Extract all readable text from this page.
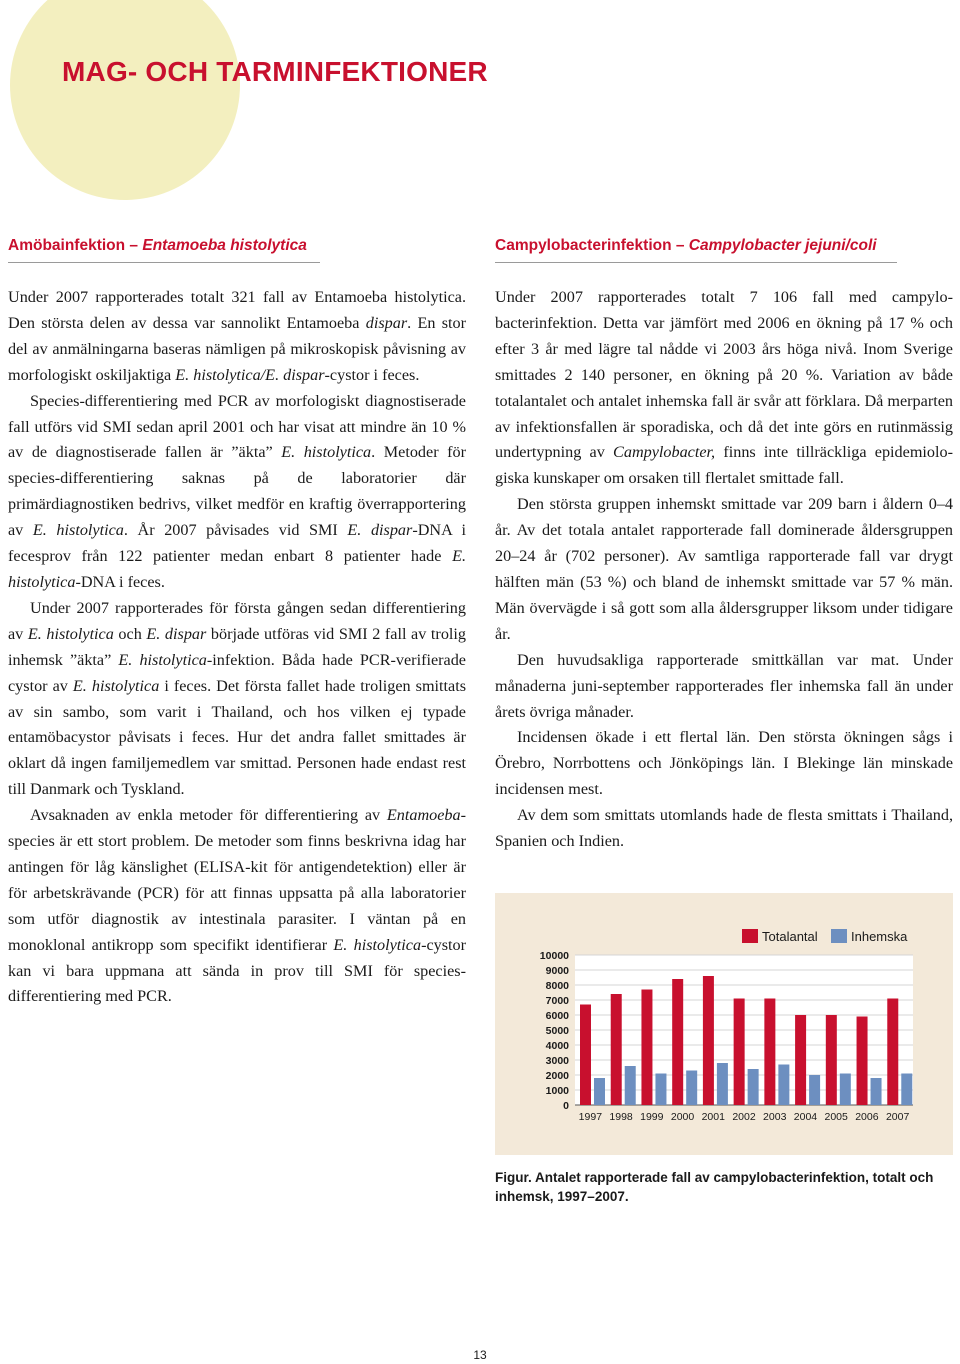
MAG- OCH TARMINFEKTIONER
Amöbainfektion – Entamoeba histolytica

Under 2007 rapporterades totalt 321 fall av Entamoeba histolytica. Den största delen av dessa var sannolikt Entamoeba dispar. En stor del av anmälningarna baseras nämligen på mikroskopisk påvisning av morfologiskt oskiljaktiga E. histolytica/E. dispar-cystor i feces.

Species-differentiering med PCR av morfologiskt diagnostiserade fall utförs vid SMI sedan april 2001 och har visat att mindre än 10 % av de diagnostiserade fallen är ”äkta” E. histolytica. Metoder för species-differentiering saknas på de laboratorier där primärdiagnostiken bedrivs, vilket medför en kraftig överrapportering av E. histolytica. År 2007 påvisades vid SMI E. dispar-DNA i fecesprov från 122 patienter medan enbart 8 patienter hade E. histolytica-DNA i feces.

Under 2007 rapporterades för första gången sedan differentiering av E. histolytica och E. dispar började utföras vid SMI 2 fall av trolig inhemsk ”äkta” E. histolytica-infektion. Båda hade PCR-verifierade cystor av E. histolytica i feces. Det första fallet hade troligen smittats av sin sambo, som varit i Thailand, och hos vilken ej typade entamöbacystor påvisats i feces. Hur det andra fallet smittades är oklart då ingen familjemedlem var smittad. Personen hade endast rest till Danmark och Tyskland.

Avsaknaden av enkla metoder för differentiering av Entamoeba-species är ett stort problem. De metoder som finns beskrivna idag har antingen för låg känslighet (ELISA-kit för antigendetektion) eller är för arbetskrävande (PCR) för att finnas uppsatta på alla laboratorier som utför diagnostik av intestinala parasiter. I väntan på en monoklonal antikropp som specifikt identifierar E. histolytica-cystor kan vi bara uppmana att sända in prov till SMI för speciesdifferentiering med PCR.

Campylobacterinfektion – Campylobacter jejuni/coli

Under 2007 rapporterades totalt 7 106 fall med campylobacterinfektion. Detta var jämfört med 2006 en ökning på 17 % och efter 3 år med lägre tal nådde vi 2003 års höga nivå. Inom Sverige smittades 2 140 personer, en ökning på 20 %. Variation av både totalantalet och antalet inhemska fall är svår att förklara. Då merparten av infektionsfallen är sporadiska, och då det inte görs en rutinmässig undertypning av Campylobacter, finns inte tillräckliga epidemiologiska kunskaper om orsaken till flertalet smittade fall.

Den största gruppen inhemskt smittade var 209 barn i åldern 0–4 år. Av det totala antalet rapporterade fall dominerade åldersgruppen 20–24 år (702 personer). Av samtliga rapporterade fall var drygt hälften män (53 %) och bland de inhemskt smittade var 57 % män. Män övervägde i så gott som alla åldersgrupper liksom under tidigare år.

Den huvudsakliga rapporterade smittkällan var mat. Under månaderna juni-september rapporterades fler inhemska fall än under årets övriga månader.

Incidensen ökade i ett flertal län. Den största ökningen sågs i Örebro, Norrbottens och Jönköpings län. I Blekinge län minskade incidensen mest.

Av dem som smittats utomlands hade de flesta smittats i Thailand, Spanien och Indien.

0
1000
2000
3000
4000
5000
6000
7000
8000
9000
10000
1997 1998 1999 2000 2001 2002 2003 2004 2005 2006 2007
Totalantal	Inhemska
Figur. Antalet rapporterade fall av campylobacterinfektion, totalt och inhemsk, 1997–2007.
13
